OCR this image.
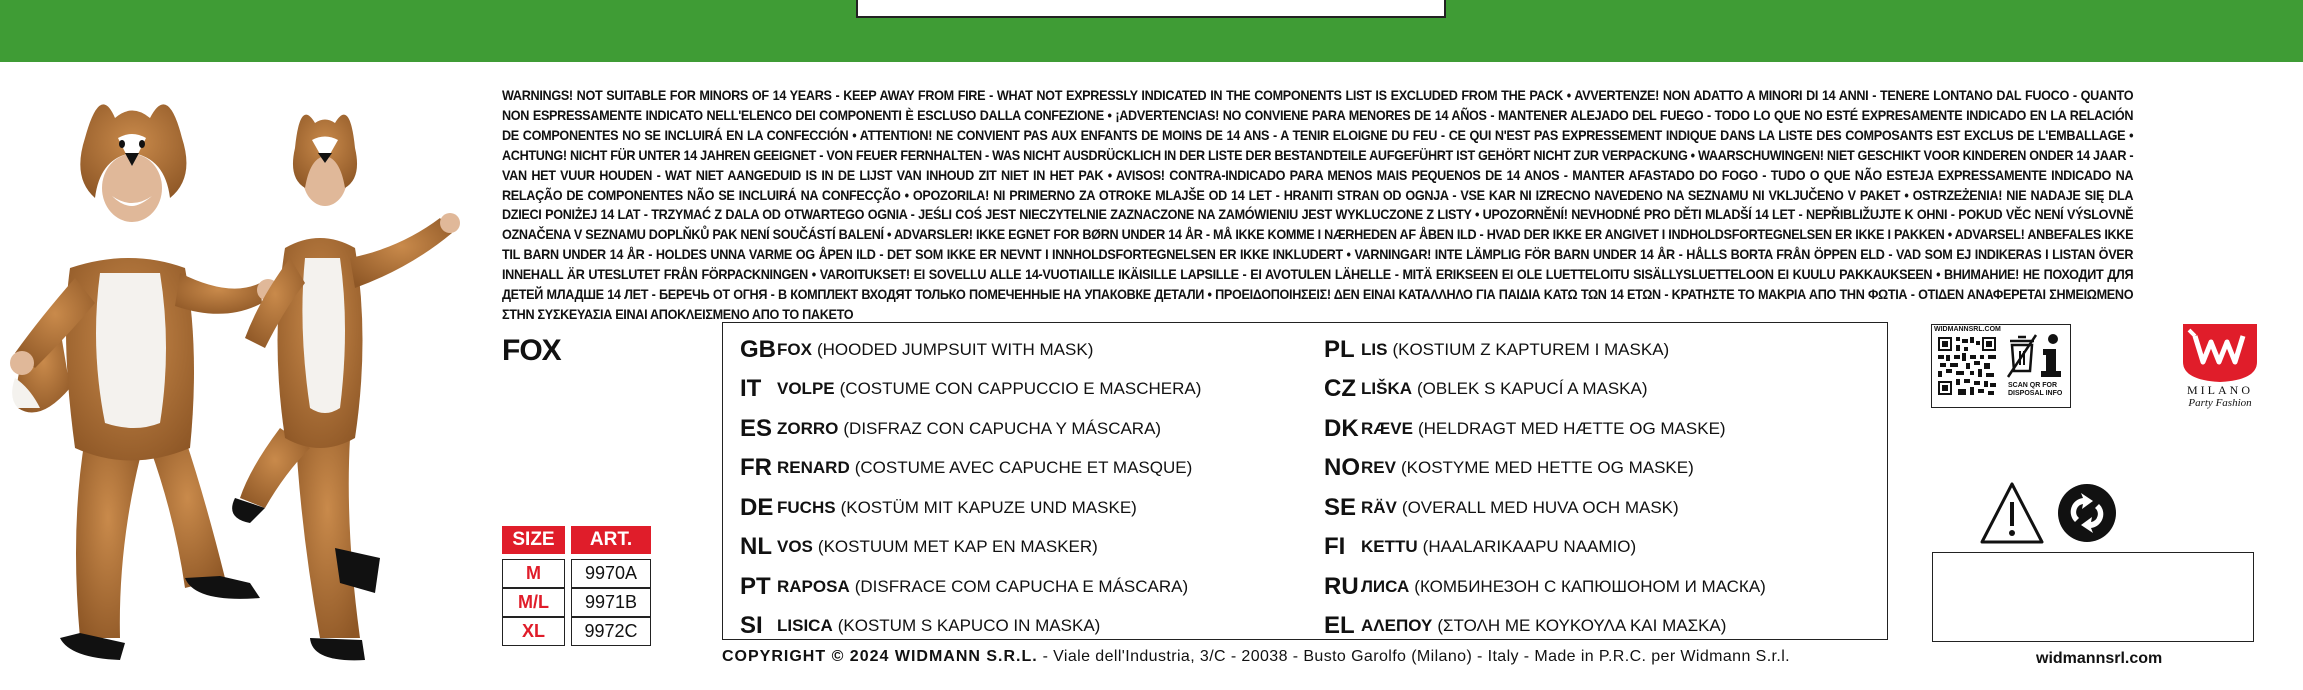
WARNINGS! NOT SUITABLE FOR MINORS OF 14 YEARS - KEEP AWAY FROM FIRE - WHAT NOT EXPRESSLY INDICATED IN THE COMPONENTS LIST IS EXCLUDED FROM THE PACK • AVVERTENZE! NON ADATTO A MINORI DI 14 ANNI - TENERE LONTANO DAL FUOCO - QUANTO NON ESPRESSAMENTE INDICATO NELL'ELENCO DEI COMPONENTI È ESCLUSO DALLA CONFEZIONE • ¡ADVERTENCIAS! NO CONVIENE PARA MENORES DE 14 AÑOS - MANTENER ALEJADO DEL FUEGO - TODO LO QUE NO ESTÉ EXPRESAMENTE INDICADO EN LA RELACIÓN DE COMPONENTES NO SE INCLUIRÁ EN LA CONFECCIÓN • ATTENTION! NE CONVIENT PAS AUX ENFANTS DE MOINS DE 14 ANS - A TENIR ELOIGNE DU FEU - CE QUI N'EST PAS EXPRESSEMENT INDIQUE DANS LA LISTE DES COMPOSANTS EST EXCLUS DE L'EMBALLAGE • ACHTUNG! NICHT FÜR UNTER 14 JAHREN GEEIGNET - VON FEUER FERNHALTEN - WAS NICHT AUSDRÜCKLICH IN DER LISTE DER BESTANDTEILE AUFGEFÜHRT IST GEHÖRT NICHT ZUR VERPACKUNG • WAARSCHUWINGEN! NIET GESCHIKT VOOR KINDEREN ONDER 14 JAAR - VAN HET VUUR HOUDEN - WAT NIET AANGEDUID IS IN DE LIJST VAN INHOUD ZIT NIET IN HET PAK • AVISOS! CONTRA-INDICADO PARA MENOS MAIS PEQUENOS DE 14 ANOS - MANTER AFASTADO DO FOGO - TUDO O QUE NÃO ESTEJA EXPRESSAMENTE INDICADO NA RELAÇÃO DE COMPONENTES NÃO SE INCLUIRÁ NA CONFECÇÃO • OPOZORILA! NI PRIMERNO ZA OTROKE MLAJŠE OD 14 LET - HRANITI STRAN OD OGNJA - VSE KAR NI IZRECNO NAVEDENO NA SEZNAMU NI VKLJUČENO V PAKET • OSTRZEŻENIA! NIE NADAJE SIĘ DLA DZIECI PONIŻEJ 14 LAT - TRZYMAĆ Z DALA OD OTWARTEGO OGNIA - JEŚLI COŚ JEST NIECZYTELNIE ZAZNACZONE NA ZAMÓWIENIU JEST WYKLUCZONE Z LISTY • UPOZORNĚNÍ! NEVHODNÉ PRO DĚTI MLADŠÍ 14 LET - NEPŘIBLIŽUJTE K OHNI - POKUD VĚC NENÍ VÝSLOVNĚ OZNAČENA V SEZNAMU DOPLŇKŮ PAK NENÍ SOUČÁSTÍ BALENÍ • ADVARSLER! IKKE EGNET FOR BØRN UNDER 14 ÅR - MÅ IKKE KOMME I NÆRHEDEN AF ÅBEN ILD - HVAD DER IKKE ER ANGIVET I INDHOLDSFORTEGNELSEN ER IKKE I PAKKEN • ADVARSEL! ANBEFALES IKKE TIL BARN UNDER 14 ÅR - HOLDES UNNA VARME OG ÅPEN ILD - DET SOM IKKE ER NEVNT I INNHOLDSFORTEGNELSEN ER IKKE INKLUDERT • VARNINGAR! INTE LÄMPLIG FÖR BARN UNDER 14 ÅR - HÅLLS BORTA FRÅN ÖPPEN ELD - VAD SOM EJ INDIKERAS I LISTAN ÖVER INNEHALL ÄR UTESLUTET FRÅN FÖRPACKNINGEN • VAROITUKSET! EI SOVELLU ALLE 14-VUOTIAILLE IKÄISILLE LAPSILLE - EI AVOTULEN LÄHELLE - MITÄ ERIKSEEN EI OLE LUETTELOITU SISÄLLYSLUETTELOON EI KUULU PAKKAUKSEEN • ВНИМАНИЕ! НЕ ПОХОДИТ ДЛЯ ДЕТЕЙ МЛАДШЕ 14 ЛЕТ - БЕРЕЧЬ ОТ ОГНЯ - В КОМПЛЕКТ ВХОДЯТ ТОЛЬКО ПОМЕЧЕННЫЕ НА УПАКОВКЕ ДЕТАЛИ • ΠΡΟΕΙΔΟΠΟΙΗΣΕΙΣ! ΔΕΝ ΕΙΝΑΙ ΚΑΤΑΛΛΗΛΟ ΓΙΑ ΠΑΙΔΙΑ ΚΑΤΩ ΤΩΝ 14 ΕΤΩΝ - ΚΡΑΤΗΣΤΕ ΤΟ ΜΑΚΡΙΑ ΑΠΟ ΤΗΝ ΦΩΤΙΑ - ΟΤΙΔΕΝ ΑΝΑΦΕΡΕΤΑΙ ΣΗΜΕΙΩΜΕΝΟ ΣΤΗΝ ΣΥΣΚΕΥΑΣΙΑ ΕΙΝΑΙ ΑΠΟΚΛΕΙΣΜΕΝΟ ΑΠΟ ΤΟ ΠΑΚΕΤΟ
FOX
SIZE	ART.

M	9970A
M/L	9971B
XL	9972C
GB FOX (HOODED JUMPSUIT WITH MASK)
IT VOLPE (COSTUME CON CAPPUCCIO E MASCHERA)
ES ZORRO (DISFRAZ CON CAPUCHA Y MÁSCARA)
FR RENARD (COSTUME AVEC CAPUCHE ET MASQUE)
DE FUCHS (KOSTÜM MIT KAPUZE UND MASKE)
NL VOS (KOSTUUM MET KAP EN MASKER)
PT RAPOSA (DISFRACE COM CAPUCHA E MÁSCARA)
SI LISICA (KOSTUM S KAPUCO IN MASKA)
PL LIS (KOSTIUM Z KAPTUREM I MASKA)
CZ LIŠKA (OBLEK S KAPUCÍ A MASKA)
DK RÆVE (HELDRAGT MED HÆTTE OG MASKE)
NO REV (KOSTYME MED HETTE OG MASKE)
SE RÄV (OVERALL MED HUVA OCH MASK)
FI KETTU (HAALARIKAAPU NAAMIO)
RU ЛИСА (КОМБИНЕЗОН С КАПЮШОНОМ И МАСКА)
EL ΑΛΕΠΟΥ (ΣΤΟΛΗ ΜΕ ΚΟΥΚΟΥΛΑ ΚΑΙ ΜΑΣΚΑ)
COPYRIGHT © 2024 WIDMANN S.R.L. - Viale dell'Industria, 3/C - 20038 - Busto Garolfo (Milano) - Italy - Made in P.R.C. per Widmann S.r.l.
WIDMANNSRL.COM
SCAN QR FOR
DISPOSAL INFO	MILANO
Party Fashion
widmannsrl.com
